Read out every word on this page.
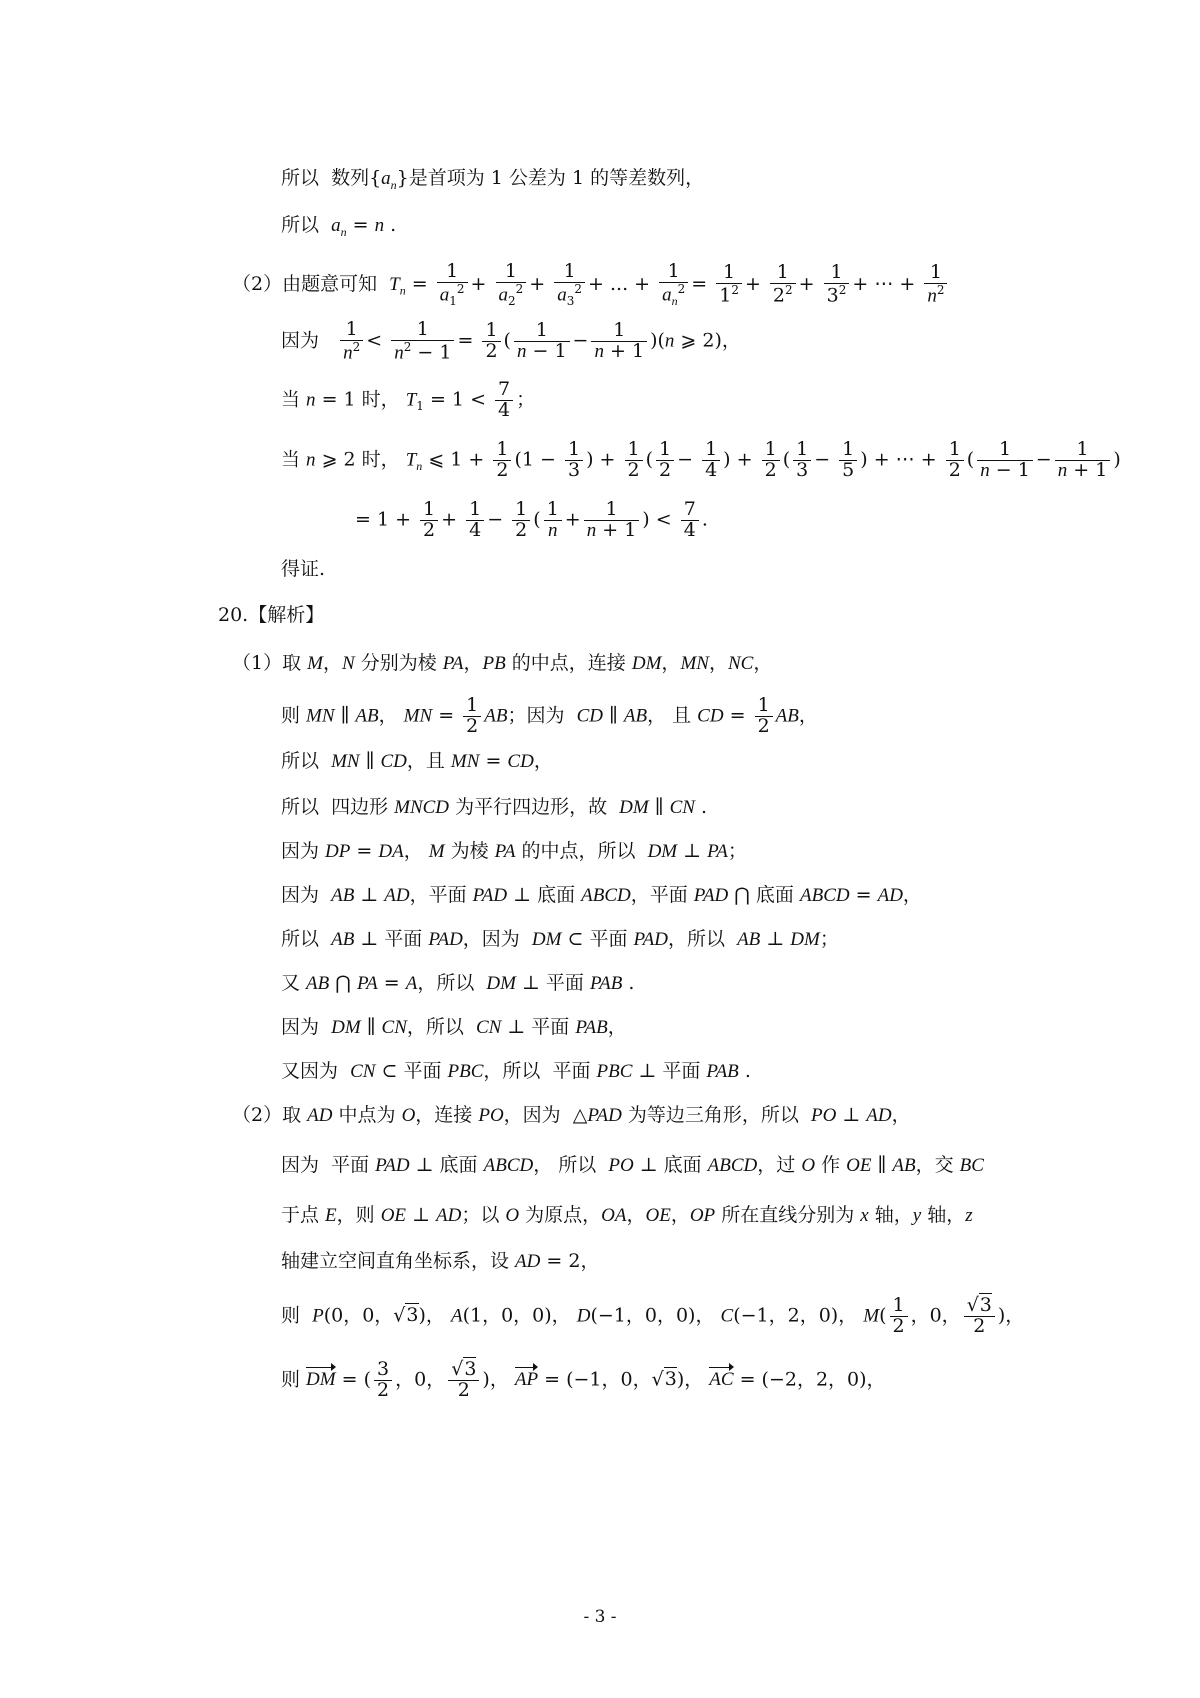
所以  数列$\{a_n\}$是首项为 1 公差为 1 的等差数列，
所以  $a_n = n$ .
（2）由题意可知  $T_n = \frac{1}{a_1^2} + \frac{1}{a_2^2} + \frac{1}{a_3^2}$ + ... + $\frac{1}{a_n^2} = \frac{1}{1^2} + \frac{1}{2^2} + \frac{1}{3^2}$ + ⋯ + $\frac{1}{n^2}$
因为 $\frac{1}{n^2} < \frac{1}{n^2 - 1} = \frac{1}{2}$ ( $\frac{1}{n - 1} - \frac{1}{n + 1} )(n$ ⩾ 2)，
当 n = 1 时， $T_1 = 1 < \frac{7}{4}$ ；
当 n ⩾ 2 时， $T_n$ ⩽ $1 + \frac{1}{2} (1 - \frac{1}{3}$ ) + $\frac{1}{2}$ ( $\frac{1}{2} - \frac{1}{4}$ ) + $\frac{1}{2}$ ( $\frac{1}{3} - \frac{1}{5}$ ) + ⋯ + $\frac{1}{2}$ ( $\frac{1}{n - 1} - \frac{1}{n + 1}$ )
= $1 + \frac{1}{2} + \frac{1}{4} - \frac{1}{2}$ ( $\frac{1}{n} + \frac{1}{n + 1}$ ) < $\frac{7}{4}$ .
得证.
20.【解析】
（1）取 M，N 分别为棱 PA，PB 的中点，连接 DM，MN，NC，
则 MN ∥ AB， MN = $\frac{1}{2}$ AB；因为  CD ∥ AB， 且 CD = $\frac{1}{2}$ AB，
所以  MN ∥ CD，且 MN = CD，
所以  四边形 MNCD 为平行四边形，故  DM ∥ CN .
因为 DP = DA， M 为棱 PA 的中点，所以  DM ⊥ PA；
因为  AB ⊥ AD，平面 PAD ⊥ 底面 ABCD，平面 PAD ⋂ 底面 ABCD = AD，
所以  AB ⊥ 平面 PAD，因为  DM ⊂ 平面 PAD，所以  AB ⊥ DM；
又 AB ⋂ PA = A，所以  DM ⊥ 平面 PAB .
因为  DM ∥ CN，所以  CN ⊥ 平面 PAB，
又因为  CN ⊂ 平面 PBC，所以  平面 PBC ⊥ 平面 PAB .
（2）取 AD 中点为 O，连接 PO，因为  △PAD 为等边三角形，所以  PO ⊥ AD，
因为  平面 PAD ⊥ 底面 ABCD， 所以  PO ⊥ 底面 ABCD，过 O 作 OE ∥ AB，交 BC
于点 E，则 OE ⊥ AD；以 O 为原点，OA，OE，OP 所在直线分别为 x 轴，y 轴，z
轴建立空间直角坐标系，设 AD = 2，
则  P(0，0，√3)， A(1，0，0)， D(−1，0，0)， C(−1，2，0)， $M( \frac{1}{2}$ ，0， $\frac{√3}{2}$ )，
则 DM = ( $\frac{3}{2}$ ，0， $\frac{√3}{2}$ )， AP = (−1，0，√3)， AC = (−2，2，0)，
- 3 -
